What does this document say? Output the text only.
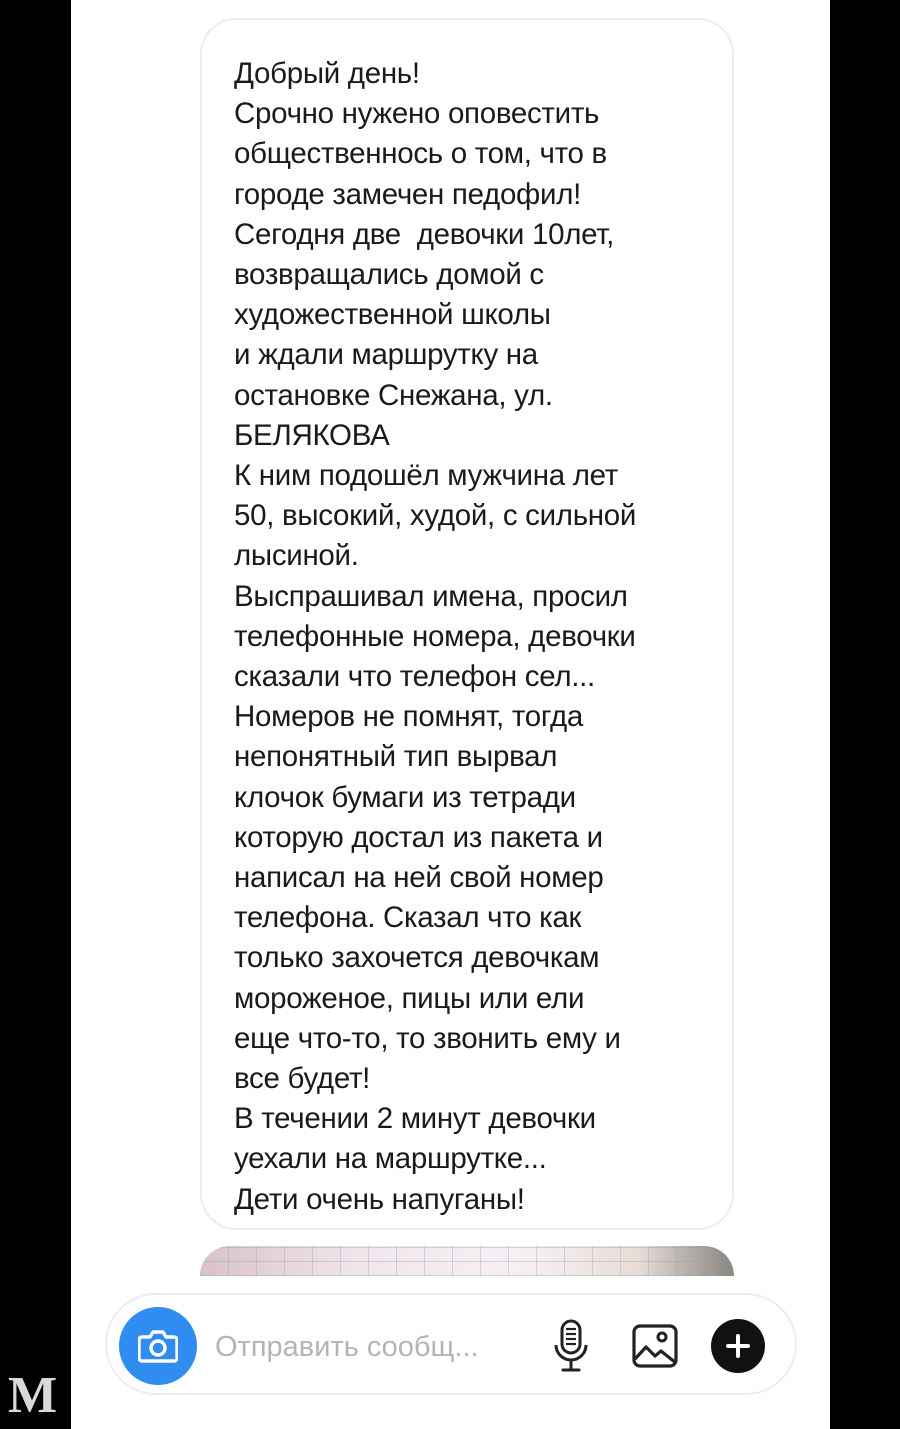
Добрый день!
Срочно нужено оповестить
общественнось о том, что в
городе замечен педофил!
Сегодня две  девочки 10лет,
возвращались домой с
художественной школы
и ждали маршрутку на
остановке Снежана, ул.
БЕЛЯКОВА
К ним подошёл мужчина лет
50, высокий, худой, с сильной
лысиной.
Выспрашивал имена, просил
телефонные номера, девочки
сказали что телефон сел...
Номеров не помнят, тогда
непонятный тип вырвал
клочок бумаги из тетради
которую достал из пакета и
написал на ней свой номер
телефона. Сказал что как
только захочется девочкам
мороженое, пицы или ели
еще что-то, то звонить ему и
все будет!
В течении 2 минут девочки
уехали на маршрутке...
Дети очень напуганы!
Отправить сообщ...
M
